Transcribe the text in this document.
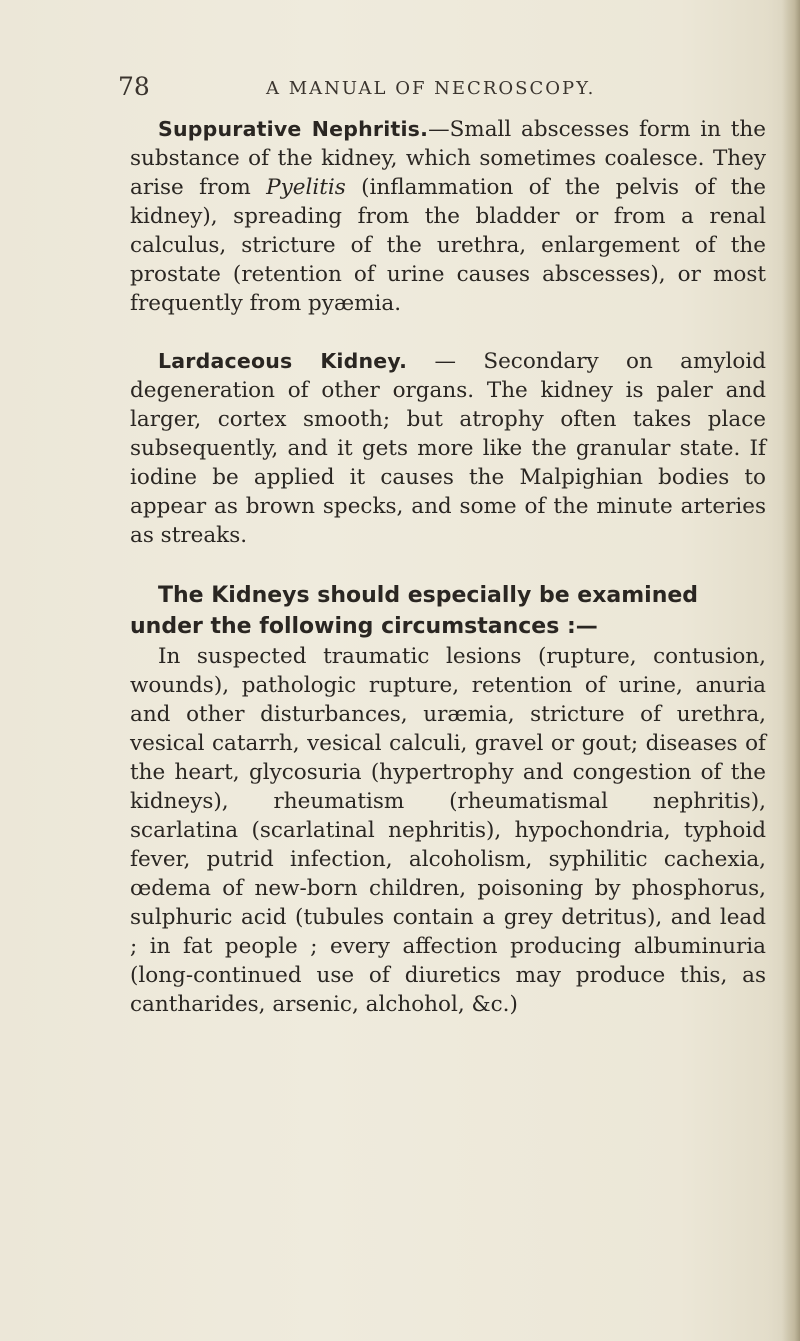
78	A MANUAL OF NECROSCOPY.

Suppurative Nephritis.—Small abscesses form in the substance of the kidney, which sometimes coalesce. They arise from Pyelitis (inflammation of the pelvis of the kidney), spreading from the bladder or from a renal calculus, stricture of the urethra, enlargement of the prostate (retention of urine causes abscesses), or most frequently from pyæmia.

Lardaceous Kidney. — Secondary on amyloid degeneration of other organs. The kidney is paler and larger, cortex smooth; but atrophy often takes place subsequently, and it gets more like the granular state. If iodine be applied it causes the Malpighian bodies to appear as brown specks, and some of the minute arteries as streaks.

The Kidneys should especially be examined
under the following circumstances :—

In suspected traumatic lesions (rupture, contusion, wounds), pathologic rupture, retention of urine, anuria and other disturbances, uræmia, stricture of urethra, vesical catarrh, vesical calculi, gravel or gout; diseases of the heart, glycosuria (hypertrophy and congestion of the kidneys), rheumatism (rheumatismal nephritis), scarlatina (scarlatinal nephritis), hypochondria, typhoid fever, putrid infection, alcoholism, syphilitic cachexia, œdema of new-born children, poisoning by phosphorus, sulphuric acid (tubules contain a grey detritus), and lead ; in fat people ; every affection producing albuminuria (long-continued use of diuretics may produce this, as cantharides, arsenic, alchohol, &c.)
